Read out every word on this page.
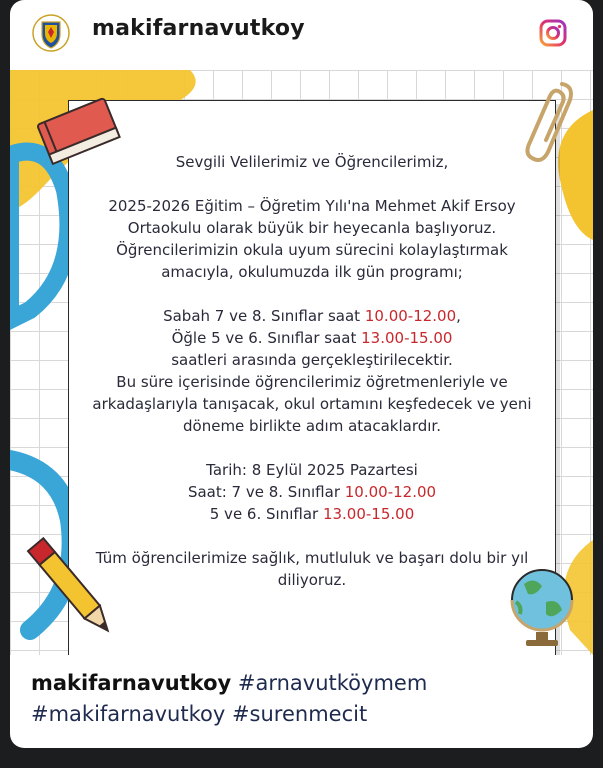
makifarnavutkoy

Sevgili Velilerimiz ve Öğrencilerimiz,

2025-2026 Eğitim – Öğretim Yılı'na Mehmet Akif Ersoy

Ortaokulu olarak büyük bir heyecanla başlıyoruz.

Öğrencilerimizin okula uyum sürecini kolaylaştırmak

amacıyla, okulumuzda ilk gün programı;

Sabah 7 ve 8. Sınıflar saat 10.00-12.00,

Öğle 5 ve 6. Sınıflar saat 13.00-15.00

saatleri arasında gerçekleştirilecektir.

Bu süre içerisinde öğrencilerimiz öğretmenleriyle ve

arkadaşlarıyla tanışacak, okul ortamını keşfedecek ve yeni

döneme birlikte adım atacaklardır.

Tarih: 8 Eylül 2025 Pazartesi

Saat: 7 ve 8. Sınıflar 10.00-12.00

5 ve 6. Sınıflar 13.00-15.00

Tüm öğrencilerimize sağlık, mutluluk ve başarı dolu bir yıl

diliyoruz.

makifarnavutkoy #arnavutköymem
#makifarnavutkoy #surenmecit
